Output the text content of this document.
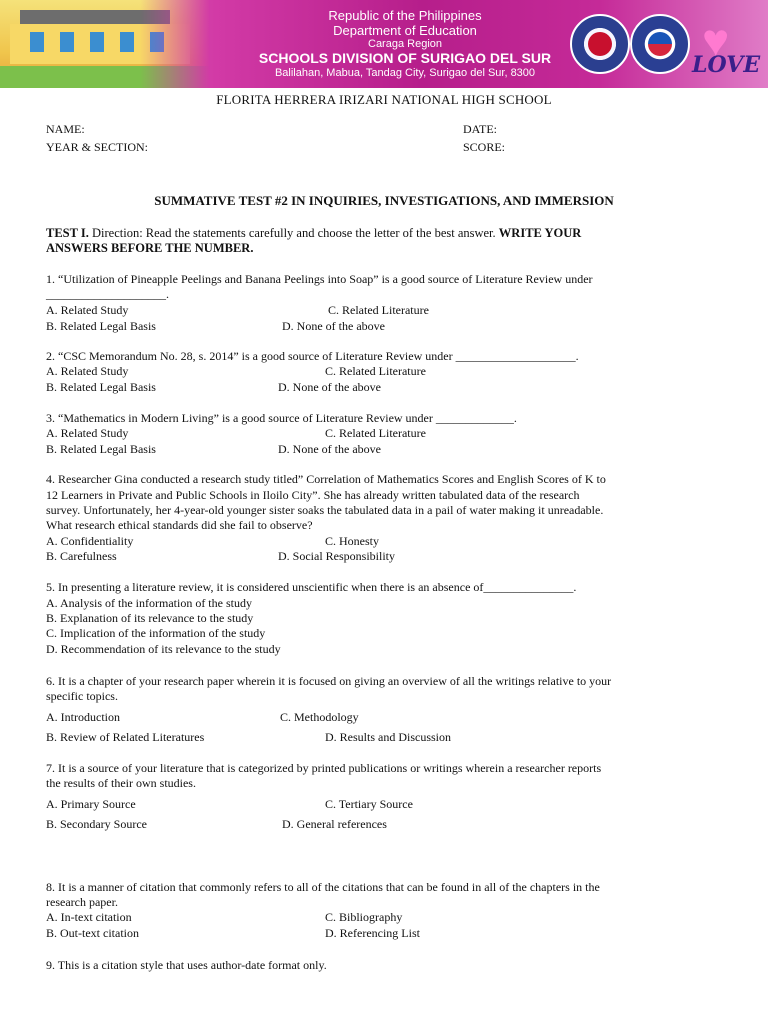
Republic of the Philippines
Department of Education
Caraga Region
SCHOOLS DIVISION OF SURIGAO DEL SUR
Balilahan, Mabua, Tandag City, Surigao del Sur, 8300
♥
LOVE
FLORITA HERRERA IRIZARI NATIONAL HIGH SCHOOL
NAME:	DATE:
YEAR & SECTION:	SCORE:
SUMMATIVE TEST #2 IN INQUIRIES, INVESTIGATIONS, AND IMMERSION
TEST I. Direction: Read the statements carefully and choose the letter of the best answer. WRITE YOUR
ANSWERS BEFORE THE NUMBER.
1. “Utilization of Pineapple Peelings and Banana Peelings into Soap” is a good source of Literature Review under
____________________.
A. Related Study	C. Related Literature
B. Related Legal Basis	D. None of the above
2. “CSC Memorandum No. 28, s. 2014” is a good source of Literature Review under ____________________.
A. Related Study	C. Related Literature
B. Related Legal Basis	D. None of the above
3. “Mathematics in Modern Living” is a good source of Literature Review under _____________.
A. Related Study	C. Related Literature
B. Related Legal Basis	D. None of the above
4. Researcher Gina conducted a research study titled” Correlation of Mathematics Scores and English Scores of K to
12 Learners in Private and Public Schools in Iloilo City”. She has already written tabulated data of the research
survey. Unfortunately, her 4-year-old younger sister soaks the tabulated data in a pail of water making it unreadable.
What research ethical standards did she fail to observe?
A. Confidentiality	C. Honesty
B. Carefulness	D. Social Responsibility
5. In presenting a literature review, it is considered unscientific when there is an absence of_______________.
A. Analysis of the information of the study
B. Explanation of its relevance to the study
C. Implication of the information of the study
D. Recommendation of its relevance to the study
6. It is a chapter of your research paper wherein it is focused on giving an overview of all the writings relative to your
specific topics.
A. Introduction	C. Methodology
B. Review of Related Literatures	D. Results and Discussion
7. It is a source of your literature that is categorized by printed publications or writings wherein a researcher reports
the results of their own studies.
A. Primary Source	C. Tertiary Source
B. Secondary Source	D. General references
8. It is a manner of citation that commonly refers to all of the citations that can be found in all of the chapters in the
research paper.
A. In-text citation	C. Bibliography
B. Out-text citation	D. Referencing List
9. This is a citation style that uses author-date format only.
